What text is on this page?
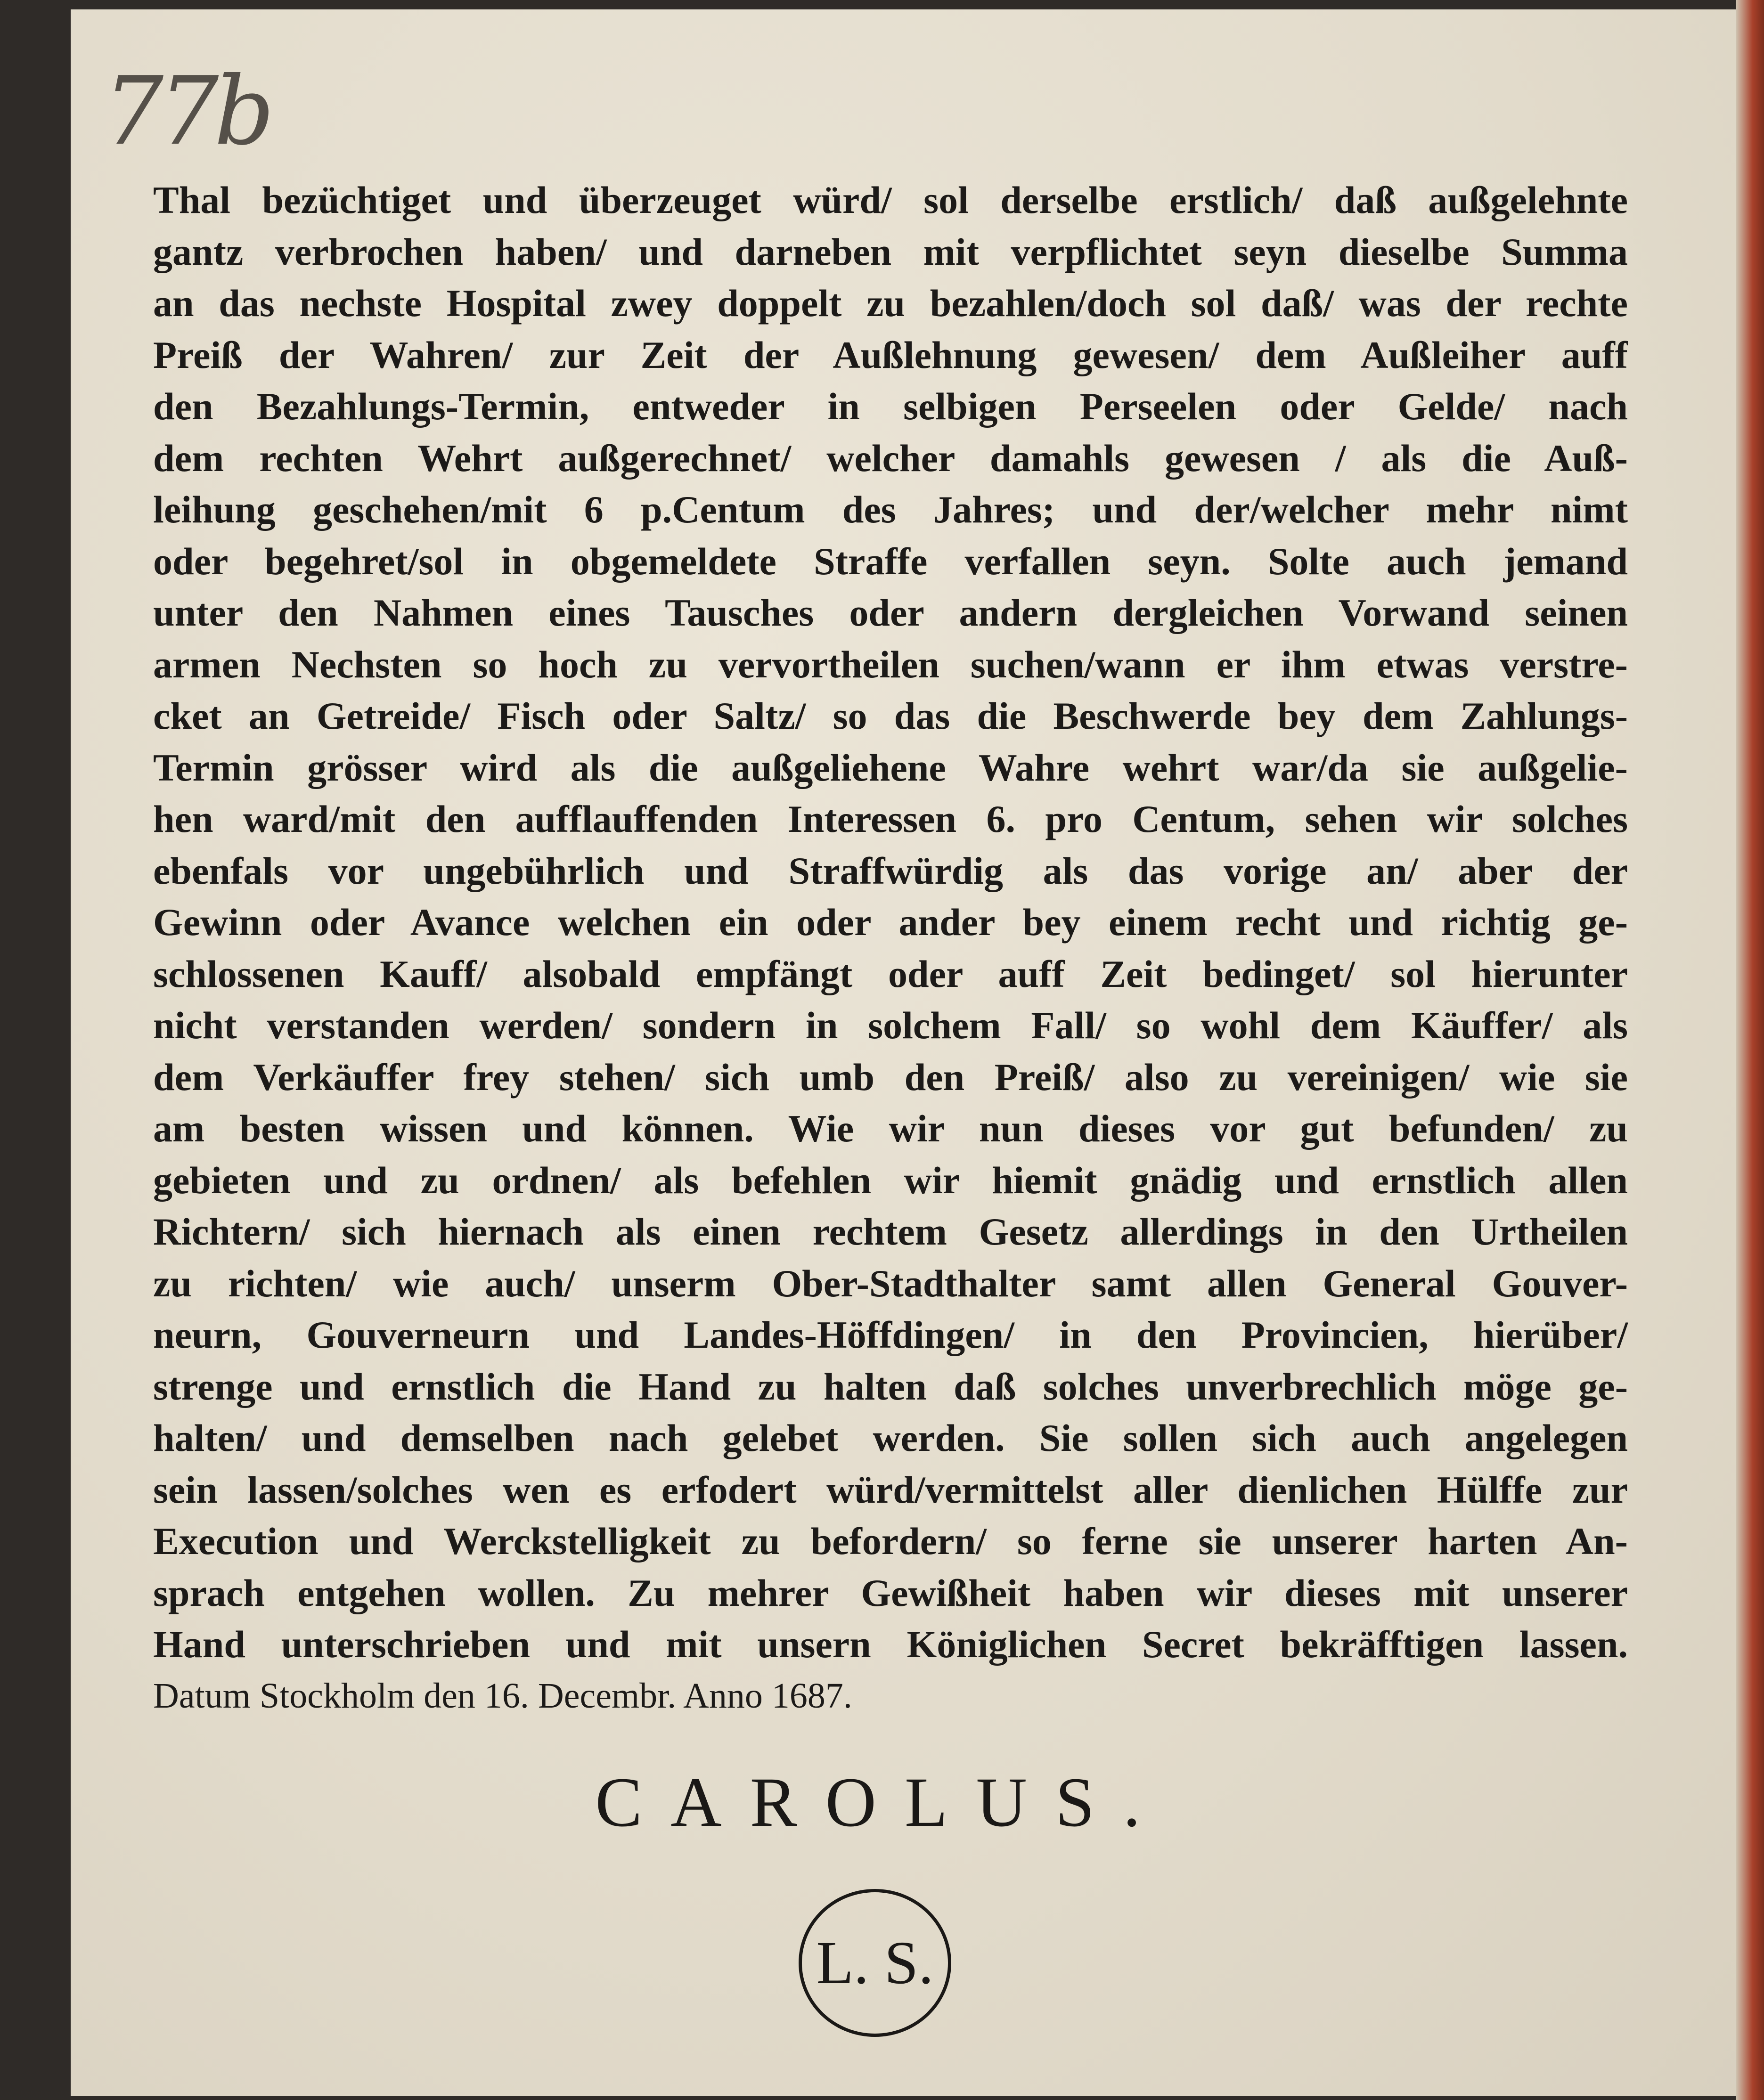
77b
Thal bezüchtiget und überzeuget würd/ sol derselbe erstlich/ daß außgelehnte
gantz verbrochen haben/ und darneben mit verpflichtet seyn dieselbe Summa
an das nechste Hospital zwey doppelt zu bezahlen/doch sol daß/ was der rechte
Preiß der Wahren/ zur Zeit der Außlehnung gewesen/ dem Außleiher auff
den Bezahlungs-Termin, entweder in selbigen Perseelen oder Gelde/ nach
dem rechten Wehrt außgerechnet/ welcher damahls gewesen / als die Auß-
leihung geschehen/mit 6 p.Centum des Jahres; und der/welcher mehr nimt
oder begehret/sol in obgemeldete Straffe verfallen seyn. Solte auch jemand
unter den Nahmen eines Tausches oder andern dergleichen Vorwand seinen
armen Nechsten so hoch zu vervortheilen suchen/wann er ihm etwas verstre-
cket an Getreide/ Fisch oder Saltz/ so das die Beschwerde bey dem Zahlungs-
Termin grösser wird als die außgeliehene Wahre wehrt war/da sie außgelie-
hen ward/mit den aufflauffenden Interessen 6. pro Centum, sehen wir solches
ebenfals vor ungebührlich und Straffwürdig als das vorige an/ aber der
Gewinn oder Avance welchen ein oder ander bey einem recht und richtig ge-
schlossenen Kauff/ alsobald empfängt oder auff Zeit bedinget/ sol hierunter
nicht verstanden werden/ sondern in solchem Fall/ so wohl dem Käuffer/ als
dem Verkäuffer frey stehen/ sich umb den Preiß/ also zu vereinigen/ wie sie
am besten wissen und können. Wie wir nun dieses vor gut befunden/ zu
gebieten und zu ordnen/ als befehlen wir hiemit gnädig und ernstlich allen
Richtern/ sich hiernach als einen rechtem Gesetz allerdings in den Urtheilen
zu richten/ wie auch/ unserm Ober-Stadthalter samt allen General Gouver-
neurn, Gouverneurn und Landes-Höffdingen/ in den Provincien, hierüber/
strenge und ernstlich die Hand zu halten daß solches unverbrechlich möge ge-
halten/ und demselben nach gelebet werden. Sie sollen sich auch angelegen
sein lassen/solches wen es erfodert würd/vermittelst aller dienlichen Hülffe zur
Execution und Werckstelligkeit zu befordern/ so ferne sie unserer harten An-
sprach entgehen wollen. Zu mehrer Gewißheit haben wir dieses mit unserer
Hand unterschrieben und mit unsern Königlichen Secret bekräfftigen lassen.
Datum Stockholm den 16. Decembr. Anno 1687.
CAROLUS.
L. S.
